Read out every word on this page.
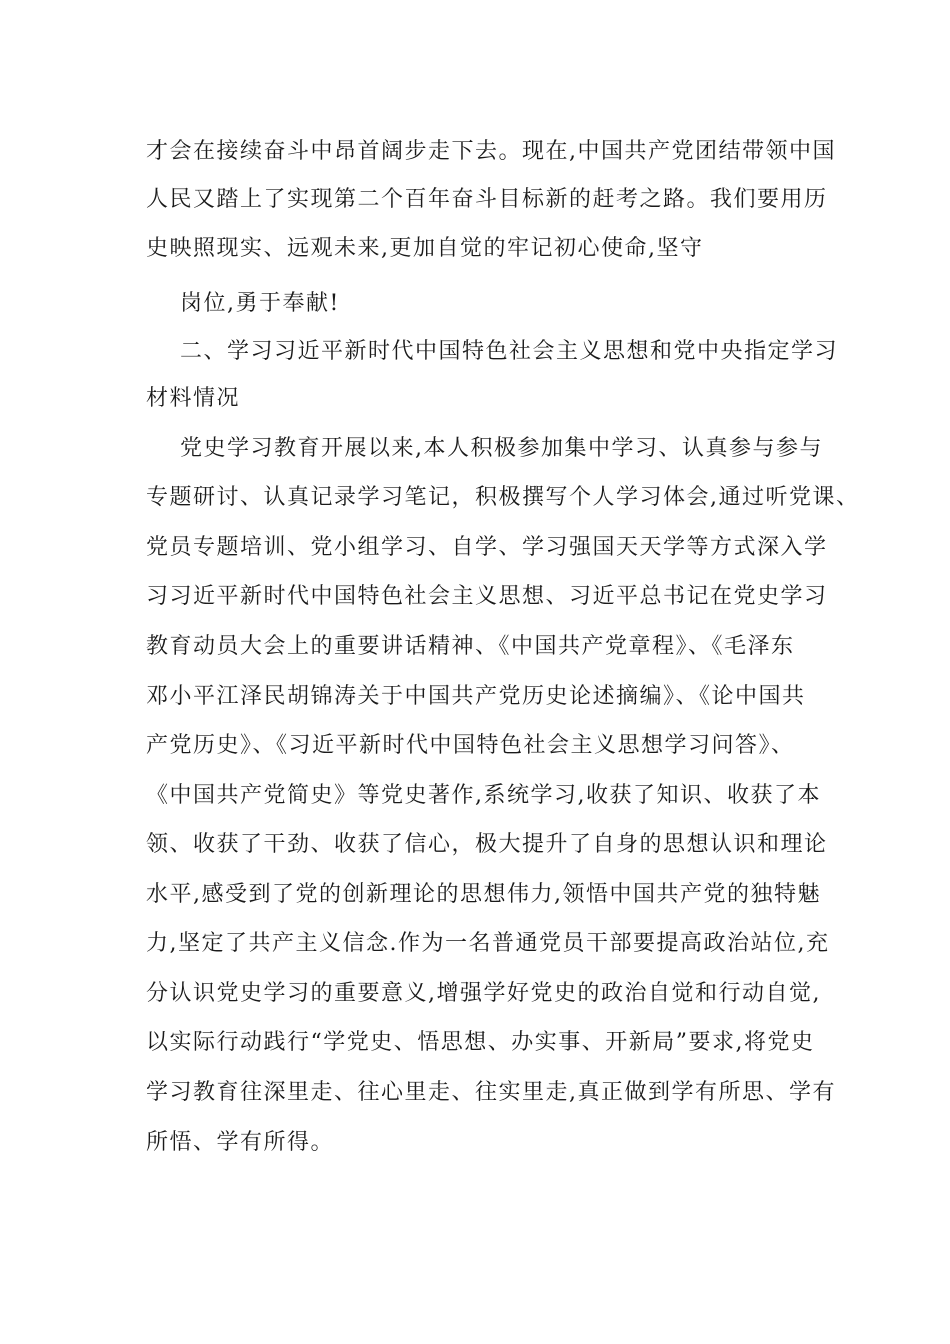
才会在接续奋斗中昂首阔步走下去。现在,中国共产党团结带领中国
人民又踏上了实现第二个百年奋斗目标新的赶考之路。我们要用历
史映照现实、远观未来,更加自觉的牢记初心使命,坚守
岗位,勇于奉献!
二、学习习近平新时代中国特色社会主义思想和党中央指定学习
材料情况
党史学习教育开展以来,本人积极参加集中学习、认真参与参与
专题研讨、认真记录学习笔记，积极撰写个人学习体会,通过听党课、
党员专题培训、党小组学习、自学、学习强国天天学等方式深入学
习习近平新时代中国特色社会主义思想、习近平总书记在党史学习
教育动员大会上的重要讲话精神、《中国共产党章程》、《毛泽东
邓小平江泽民胡锦涛关于中国共产党历史论述摘编》、《论中国共
产党历史》、《习近平新时代中国特色社会主义思想学习问答》、
《中国共产党简史》等党史著作,系统学习,收获了知识、收获了本
领、收获了干劲、收获了信心，极大提升了自身的思想认识和理论
水平,感受到了党的创新理论的思想伟力,领悟中国共产党的独特魅
力,坚定了共产主义信念.作为一名普通党员干部要提高政治站位,充
分认识党史学习的重要意义,增强学好党史的政治自觉和行动自觉,
以实际行动践行“学党史、悟思想、办实事、开新局”要求,将党史
学习教育往深里走、往心里走、往实里走,真正做到学有所思、学有
所悟、学有所得。
